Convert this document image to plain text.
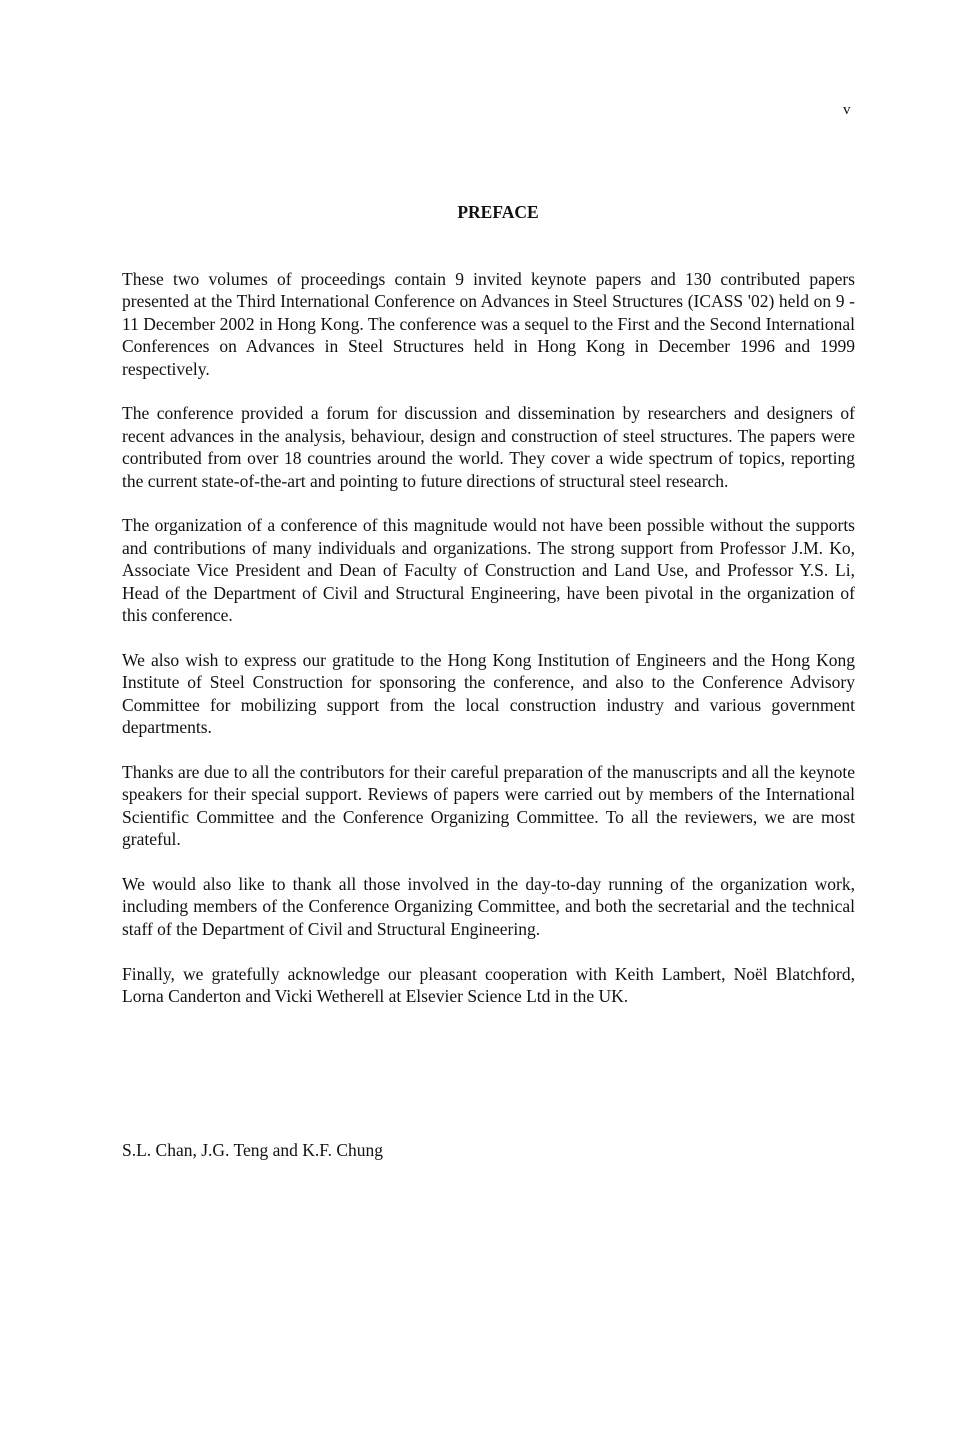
v
PREFACE

These two volumes of proceedings contain 9 invited keynote papers and 130 contributed papers presented at the Third International Conference on Advances in Steel Structures (ICASS '02) held on 9 - 11 December 2002 in Hong Kong. The conference was a sequel to the First and the Second International Conferences on Advances in Steel Structures held in Hong Kong in December 1996 and 1999 respectively.

The conference provided a forum for discussion and dissemination by researchers and designers of recent advances in the analysis, behaviour, design and construction of steel structures. The papers were contributed from over 18 countries around the world. They cover a wide spectrum of topics, reporting the current state-of-the-art and pointing to future directions of structural steel research.

The organization of a conference of this magnitude would not have been possible without the supports and contributions of many individuals and organizations. The strong support from Professor J.M. Ko, Associate Vice President and Dean of Faculty of Construction and Land Use, and Professor Y.S. Li, Head of the Department of Civil and Structural Engineering, have been pivotal in the organization of this conference.

We also wish to express our gratitude to the Hong Kong Institution of Engineers and the Hong Kong Institute of Steel Construction for sponsoring the conference, and also to the Conference Advisory Committee for mobilizing support from the local construction industry and various government departments.

Thanks are due to all the contributors for their careful preparation of the manuscripts and all the keynote speakers for their special support. Reviews of papers were carried out by members of the International Scientific Committee and the Conference Organizing Committee. To all the reviewers, we are most grateful.

We would also like to thank all those involved in the day-to-day running of the organization work, including members of the Conference Organizing Committee, and both the secretarial and the technical staff of the Department of Civil and Structural Engineering.

Finally, we gratefully acknowledge our pleasant cooperation with Keith Lambert, Noël Blatchford, Lorna Canderton and Vicki Wetherell at Elsevier Science Ltd in the UK.

S.L. Chan, J.G. Teng and K.F. Chung
